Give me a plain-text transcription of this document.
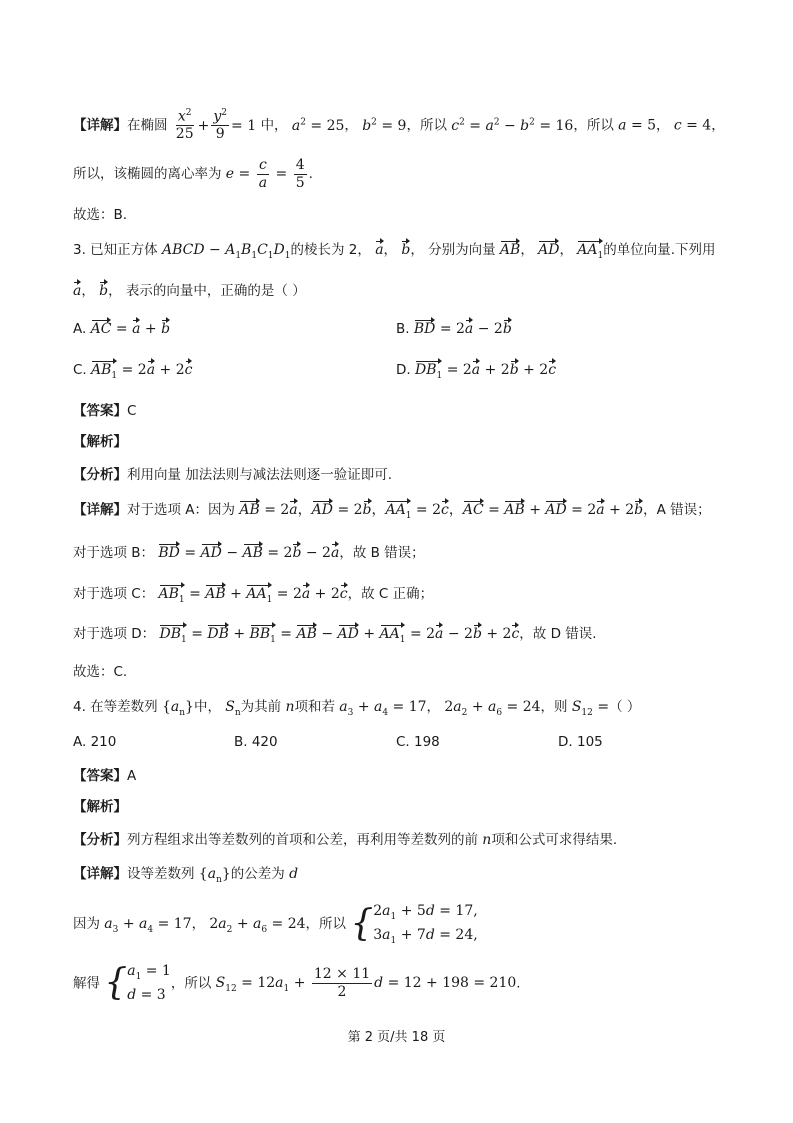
【详解】在椭圆 $\frac{x^2}{25} + \frac{y^2}{9} = 1$ 中， $a^2 = 25$， $b^2 = 9$，所以 $c^2 = a^2 - b^2 = 16$，所以 a = 5， c = 4，
所以，该椭圆的离心率为 $e = \frac{c}{a} = \frac{4}{5}$ .
故选：B.
3. 已知正方体 ABCD − $A_1B_1C_1D_1$的棱长为 2， a， b， 分别为向量 AB， AD， $AA_1$的单位向量.下列用
a， b， 表示的向量中，正确的是（ ）
A. AC = a + b	B. BD = 2a − 2b
C. $AB_1 = 2a + 2c$	D. $DB_1 = 2a + 2b + 2c$
【答案】C
【解析】
【分析】利用向量 加法法则与减法法则逐一验证即可.
【详解】对于选项 A：因为 AB = 2a，AD = 2b，$AA_1 = 2c$，AC = AB + AD = 2a + 2b，A 错误；
对于选项 B： BD = AD − AB = 2b − 2a，故 B 错误；
对于选项 C： $AB_1$ = AB + $AA_1 = 2a + 2c$，故 C 正确；
对于选项 D： $DB_1$ = DB + $BB_1$ = AB − AD + $AA_1 = 2a - 2b + 2c$，故 D 错误.
故选：C.
4. 在等差数列 $\{a_n\}$中， $S_n$为其前 n项和若 $a_3 + a_4 = 17$， $2a_2 + a_6 = 24$，则 $S_{12}$ =（ ）
A. 210	B. 420	C. 198	D. 105
【答案】A
【解析】
【分析】列方程组求出等差数列的首项和公差，再利用等差数列的前 n项和公式可求得结果.
【详解】设等差数列 $\{a_n\}$的公差为 d
因为 $a_3 + a_4 = 17$， $2a_2 + a_6 = 24$，所以 { $2a_1 + 5d = 17$,
$3a_1 + 7d = 24$,
解得 { $a_1 = 1$
d = 3
，所以 $S_{12} = 12a_1 + \frac{12 \times 11}{2}$ d = 12 + 198 = 210.
第 2 页/共 18 页
